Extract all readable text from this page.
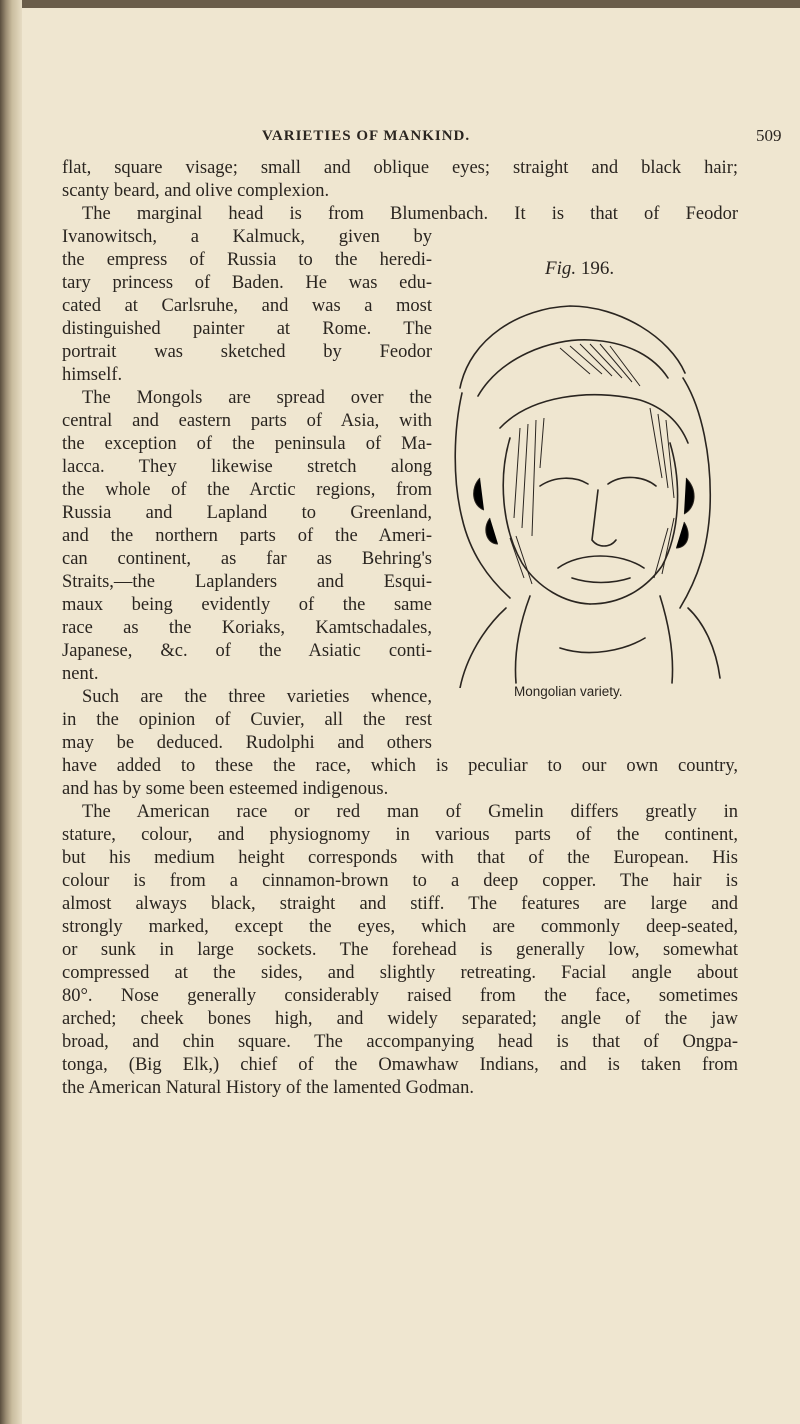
VARIETIES OF MANKIND.	509
Fig. 196.
Mongolian variety.
flat, square visage; small and oblique eyes; straight and black hair;
scanty beard, and olive complexion.
The marginal head is from Blumenbach. It is that of Feodor
Ivanowitsch, a Kalmuck, given by
the empress of Russia to the heredi-
tary princess of Baden. He was edu-
cated at Carlsruhe, and was a most
distinguished painter at Rome. The
portrait was sketched by Feodor
himself.
The Mongols are spread over the
central and eastern parts of Asia, with
the exception of the peninsula of Ma-
lacca. They likewise stretch along
the whole of the Arctic regions, from
Russia and Lapland to Greenland,
and the northern parts of the Ameri-
can continent, as far as Behring's
Straits,—the Laplanders and Esqui-
maux being evidently of the same
race as the Koriaks, Kamtschadales,
Japanese, &c. of the Asiatic conti-
nent.
Such are the three varieties whence,
in the opinion of Cuvier, all the rest
may be deduced. Rudolphi and others
have added to these the race, which is peculiar to our own country,
and has by some been esteemed indigenous.
The American race or red man of Gmelin differs greatly in
stature, colour, and physiognomy in various parts of the continent,
but his medium height corresponds with that of the European. His
colour is from a cinnamon-brown to a deep copper. The hair is
almost always black, straight and stiff. The features are large and
strongly marked, except the eyes, which are commonly deep-seated,
or sunk in large sockets. The forehead is generally low, somewhat
compressed at the sides, and slightly retreating. Facial angle about
80°. Nose generally considerably raised from the face, sometimes
arched; cheek bones high, and widely separated; angle of the jaw
broad, and chin square. The accompanying head is that of Ongpa-
tonga, (Big Elk,) chief of the Omawhaw Indians, and is taken from
the American Natural History of the lamented Godman.
